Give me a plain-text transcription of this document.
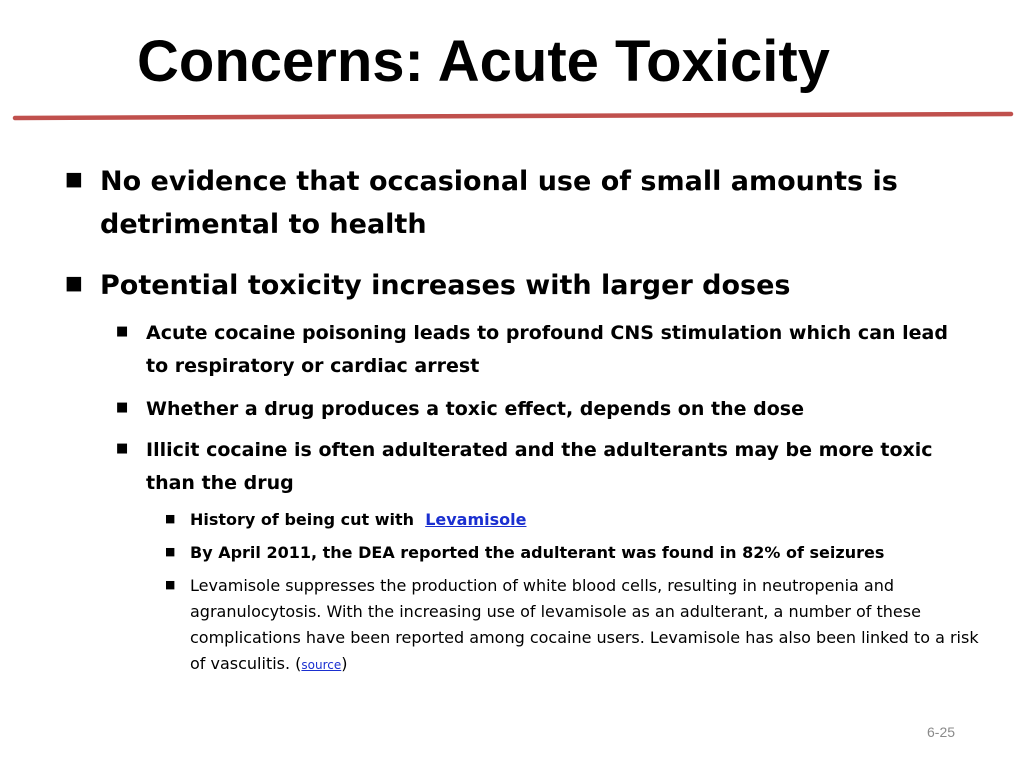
Concerns: Acute Toxicity
■ No evidence that occasional use of small amounts is detrimental to health
■ Potential toxicity increases with larger doses
■ Acute cocaine poisoning leads to profound CNS stimulation which can lead to respiratory or cardiac arrest
■ Whether a drug produces a toxic effect, depends on the dose
■ Illicit cocaine is often adulterated and the adulterants may be more toxic than the drug
■ History of being cut with Levamisole
■ By April 2011, the DEA reported the adulterant was found in 82% of seizures
■ Levamisole suppresses the production of white blood cells, resulting in neutropenia and agranulocytosis. With the increasing use of levamisole as an adulterant, a number of these complications have been reported among cocaine users. Levamisole has also been linked to a risk of vasculitis. (source)
6-25
